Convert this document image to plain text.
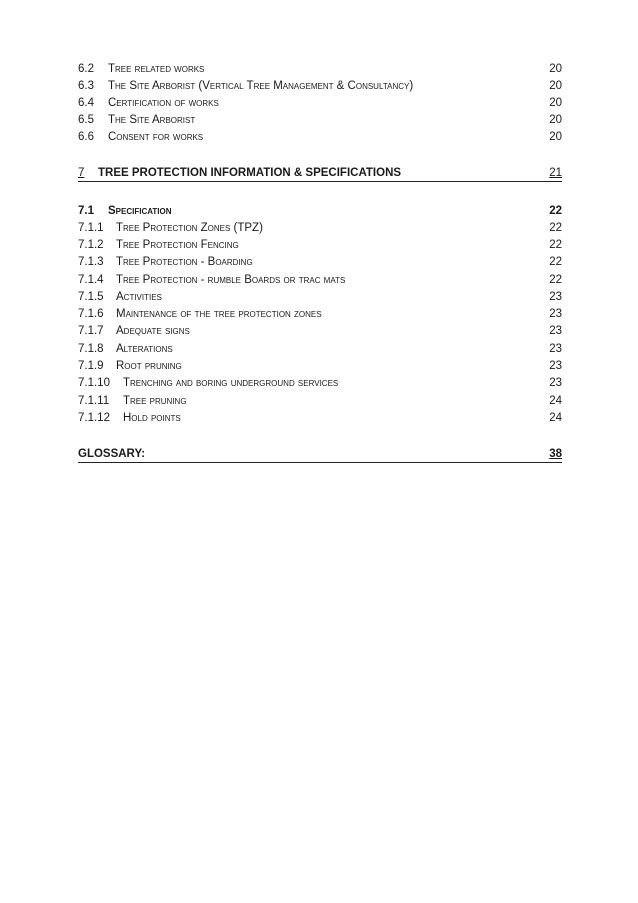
6.2 Tree related works	20
6.3 The Site Arborist (Vertical Tree Management & Consultancy)	20
6.4 Certification of works	20
6.5 The Site Arborist	20
6.6 Consent for works	20
7 TREE PROTECTION INFORMATION & SPECIFICATIONS	21
7.1 Specification	22
7.1.1 Tree Protection Zones (TPZ)	22
7.1.2 Tree Protection Fencing	22
7.1.3 Tree Protection - Boarding	22
7.1.4 Tree Protection - rumble Boards or trac mats	22
7.1.5 Activities	23
7.1.6 Maintenance of the tree protection zones	23
7.1.7 Adequate signs	23
7.1.8 Alterations	23
7.1.9 Root pruning	23
7.1.10 Trenching and boring underground services	23
7.1.11 Tree pruning	24
7.1.12 Hold points	24
GLOSSARY:	38
